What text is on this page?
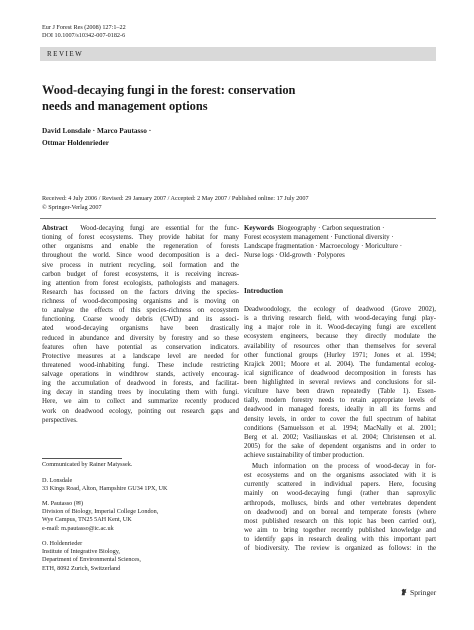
Eur J Forest Res (2008) 127:1–22
DOI 10.1007/s10342-007-0182-6
REVIEW
Wood-decaying fungi in the forest: conservation
needs and management options
David Lonsdale · Marco Pautasso ·
Ottmar Holdenrieder
Received: 4 July 2006 / Revised: 29 January 2007 / Accepted: 2 May 2007 / Published online: 17 July 2007
© Springer-Verlag 2007
Abstract Wood-decaying fungi are essential for the func-
tioning of forest ecosystems. They provide habitat for many
other organisms and enable the regeneration of forests
throughout the world. Since wood decomposition is a deci-
sive process in nutrient recycling, soil formation and the
carbon budget of forest ecosystems, it is receiving increas-
ing attention from forest ecologists, pathologists and managers.
Research has focussed on the factors driving the species-
richness of wood-decomposing organisms and is moving on
to analyse the effects of this species-richness on ecosystem
functioning. Coarse woody debris (CWD) and its associ-
ated wood-decaying organisms have been drastically
reduced in abundance and diversity by forestry and so these
features often have potential as conservation indicators.
Protective measures at a landscape level are needed for
threatened wood-inhabiting fungi. These include restricting
salvage operations in windthrow stands, actively encourag-
ing the accumulation of deadwood in forests, and facilitat-
ing decay in standing trees by inoculating them with fungi.
Here, we aim to collect and summarize recently produced
work on deadwood ecology, pointing out research gaps and
perspectives.
Communicated by Rainer Matyssek.
D. Lonsdale
33 Kings Road, Alton, Hampshire GU34 1PX, UK
M. Pautasso (✉)
Division of Biology, Imperial College London,
Wye Campus, TN25 5AH Kent, UK
e-mail: m.pautasso@ic.ac.uk
O. Holdenrieder
Institute of Integrative Biology,
Department of Environmental Sciences,
ETH, 8092 Zurich, Switzerland
Keywords Biogeography · Carbon sequestration ·
Forest ecosystem management · Functional diversity ·
Landscape fragmentation · Macroecology · Moriculture ·
Nurse logs · Old-growth · Polypores
Introduction
Deadwoodology, the ecology of deadwood (Grove 2002),
is a thriving research field, with wood-decaying fungi play-
ing a major role in it. Wood-decaying fungi are excellent
ecosystem engineers, because they directly modulate the
availability of resources other than themselves for several
other functional groups (Hurley 1971; Jones et al. 1994;
Krajick 2001; Moore et al. 2004). The fundamental ecolog-
ical significance of deadwood decomposition in forests has
been highlighted in several reviews and conclusions for sil-
viculture have been drawn repeatedly (Table 1). Essen-
tially, modern forestry needs to retain appropriate levels of
deadwood in managed forests, ideally in all its forms and
density levels, in order to cover the full spectrum of habitat
conditions (Samuelsson et al. 1994; MacNally et al. 2001;
Berg et al. 2002; Vasiliauskas et al. 2004; Christensen et al.
2005) for the sake of dependent organisms and in order to
achieve sustainability of timber production.
Much information on the process of wood-decay in for-
est ecosystems and on the organisms associated with it is
currently scattered in individual papers. Here, focusing
mainly on wood-decaying fungi (rather than saproxylic
arthropods, molluscs, birds and other vertebrates dependent
on deadwood) and on boreal and temperate forests (where
most published research on this topic has been carried out),
we aim to bring together recently published knowledge and
to identify gaps in research dealing with this important part
of biodiversity. The review is organized as follows: in the
Springer
